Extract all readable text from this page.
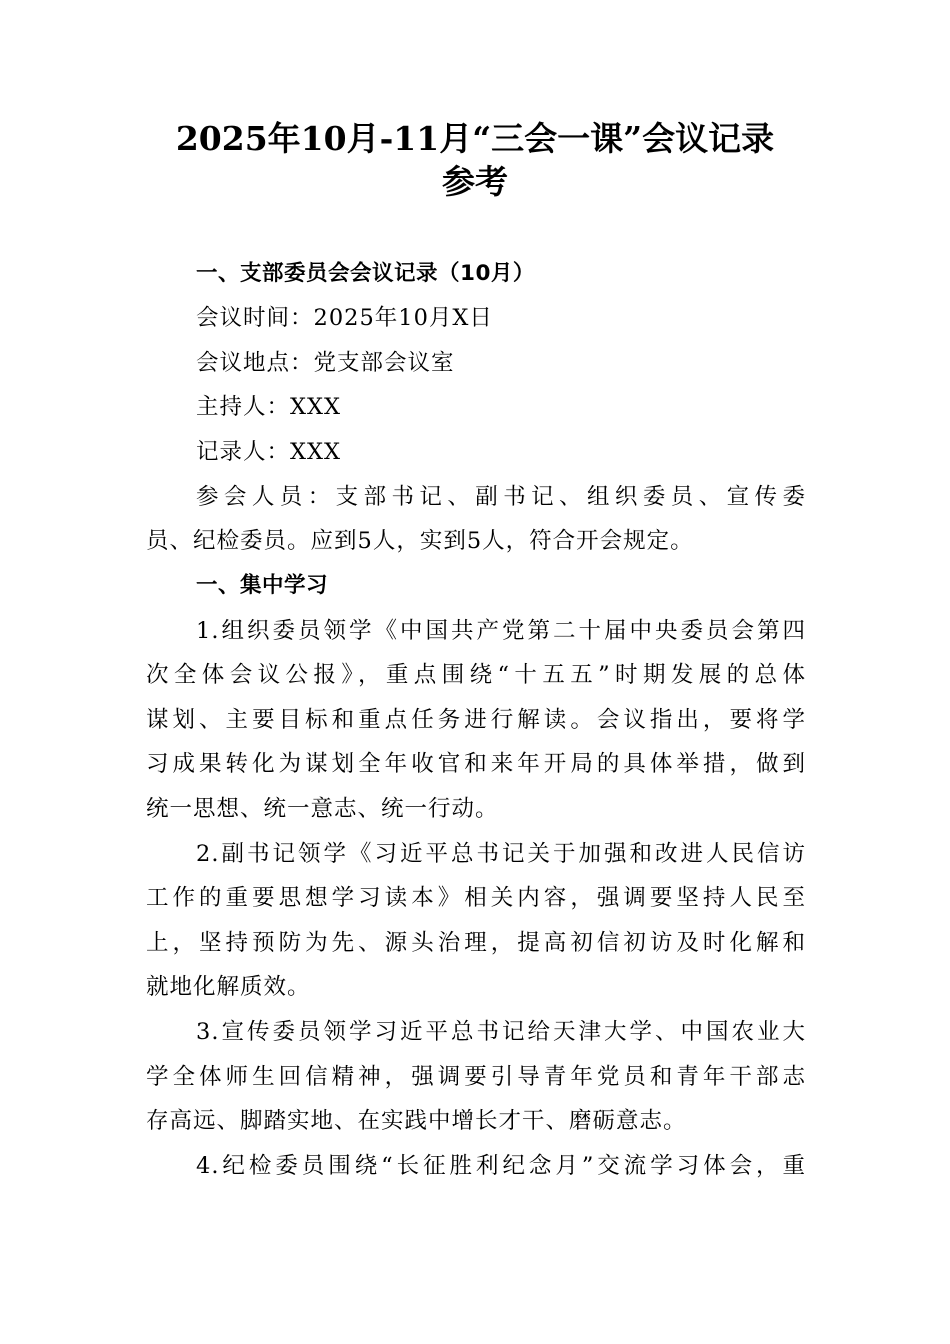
2025年10月-11月“三会一课”会议记录
参考
一、支部委员会会议记录（10月）
会议时间：2025年10月X日
会议地点：党支部会议室
主持人：XXX
记录人：XXX
参会人员：支部书记、副书记、组织委员、宣传委
员、纪检委员。应到5人，实到5人，符合开会规定。
一、集中学习
1.组织委员领学《中国共产党第二十届中央委员会第四
次全体会议公报》，重点围绕“十五五”时期发展的总体
谋划、主要目标和重点任务进行解读。会议指出，要将学
习成果转化为谋划全年收官和来年开局的具体举措，做到
统一思想、统一意志、统一行动。
2.副书记领学《习近平总书记关于加强和改进人民信访
工作的重要思想学习读本》相关内容，强调要坚持人民至
上，坚持预防为先、源头治理，提高初信初访及时化解和
就地化解质效。
3.宣传委员领学习近平总书记给天津大学、中国农业大
学全体师生回信精神，强调要引导青年党员和青年干部志
存高远、脚踏实地、在实践中增长才干、磨砺意志。
4.纪检委员围绕“长征胜利纪念月”交流学习体会，重
